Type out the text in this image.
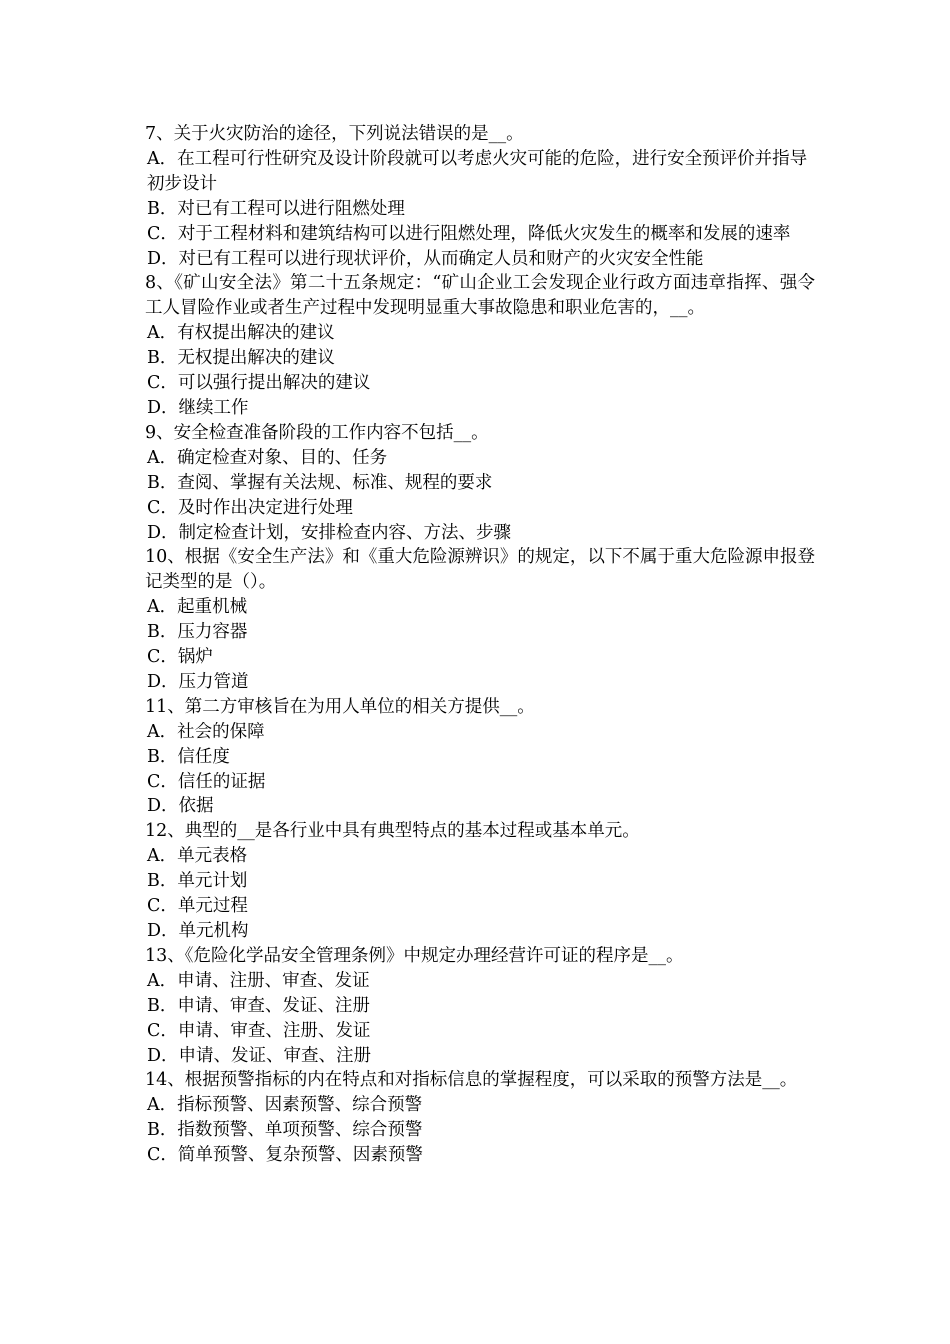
7、关于火灾防治的途径，下列说法错误的是__。

A．在工程可行性研究及设计阶段就可以考虑火灾可能的危险，进行安全预评价并指导初步设计

B．对已有工程可以进行阻燃处理

C．对于工程材料和建筑结构可以进行阻燃处理，降低火灾发生的概率和发展的速率

D．对已有工程可以进行现状评价，从而确定人员和财产的火灾安全性能

8、《矿山安全法》第二十五条规定：“矿山企业工会发现企业行政方面违章指挥、强令工人冒险作业或者生产过程中发现明显重大事故隐患和职业危害的，__。

A．有权提出解决的建议

B．无权提出解决的建议

C．可以强行提出解决的建议

D．继续工作

9、安全检查准备阶段的工作内容不包括__。

A．确定检查对象、目的、任务

B．查阅、掌握有关法规、标准、规程的要求

C．及时作出决定进行处理

D．制定检查计划，安排检查内容、方法、步骤

10、根据《安全生产法》和《重大危险源辨识》的规定，以下不属于重大危险源申报登记类型的是（）。

A．起重机械

B．压力容器

C．锅炉

D．压力管道

11、第二方审核旨在为用人单位的相关方提供__。

A．社会的保障

B．信任度

C．信任的证据

D．依据

12、典型的__是各行业中具有典型特点的基本过程或基本单元。

A．单元表格

B．单元计划

C．单元过程

D．单元机构

13、《危险化学品安全管理条例》中规定办理经营许可证的程序是__。

A．申请、注册、审查、发证

B．申请、审查、发证、注册

C．申请、审查、注册、发证

D．申请、发证、审查、注册

14、根据预警指标的内在特点和对指标信息的掌握程度，可以采取的预警方法是__。

A．指标预警、因素预警、综合预警

B．指数预警、单项预警、综合预警

C．简单预警、复杂预警、因素预警
